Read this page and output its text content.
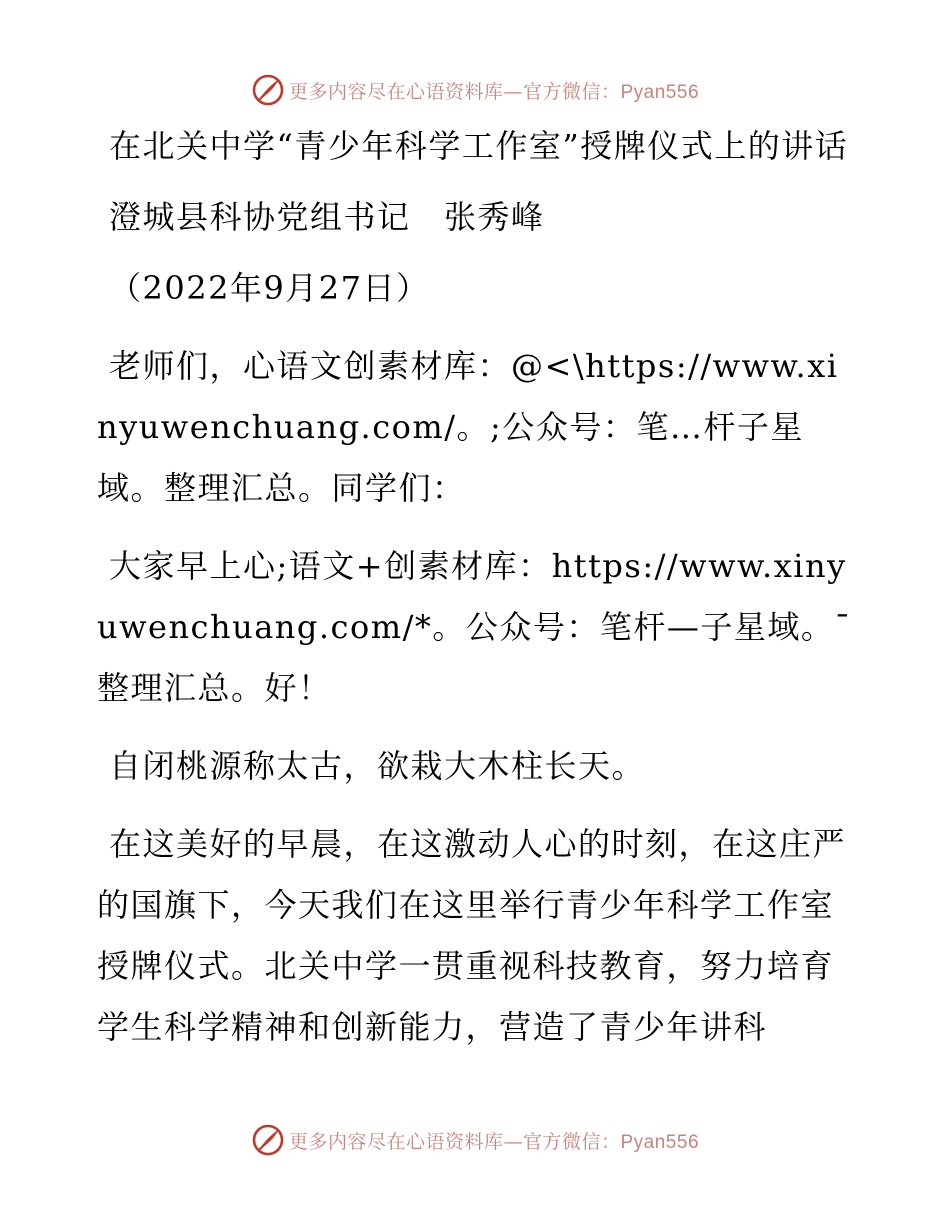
更多内容尽在心语资料库—官方微信：Pyan556

在北关中学“青少年科学工作室”授牌仪式上的讲话

澄城县科协党组书记　张秀峰

（2022年9月27日）

老师们，心语文创素材库：@<\https://www.xinyuwenchuang.com/。;公众号：笔…杆子星域。整理汇总。同学们：

大家早上心;语文+创素材库：https://www.xinyuwenchuang.com/*。公众号：笔杆—子星域。¯整理汇总。好！

自闭桃源称太古，欲栽大木柱长天。

在这美好的早晨，在这激动人心的时刻，在这庄严的国旗下，今天我们在这里举行青少年科学工作室授牌仪式。北关中学一贯重视科技教育，努力培育学生科学精神和创新能力，营造了青少年讲科

更多内容尽在心语资料库—官方微信：Pyan556
